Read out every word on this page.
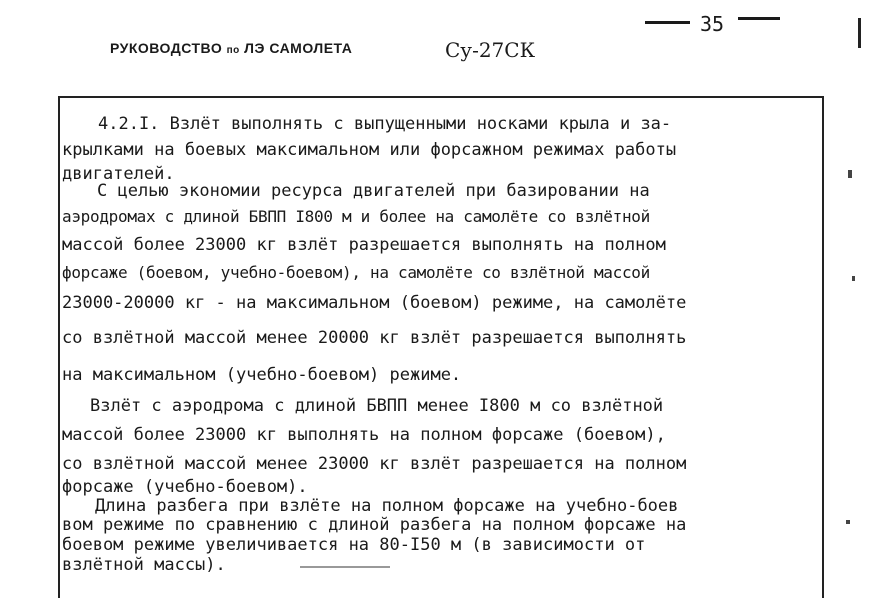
35
РУКОВОДСТВО по ЛЭ САМОЛЕТА	Су-27СК
4.2.I. Взлёт выполнять с выпущенными носками крыла и за-
крылками на боевых максимальном или форсажном режимах работы
двигателей.
С целью экономии ресурса двигателей при базировании на
аэродромах с длиной БВПП I800 м и более на самолёте со взлётной
массой более 23000 кг взлёт разрешается выполнять на полном
форсаже (боевом, учебно-боевом), на самолёте со взлётной массой
23000-20000 кг - на максимальном (боевом) режиме, на самолёте
со взлётной массой менее 20000 кг взлёт разрешается выполнять
на максимальном (учебно-боевом) режиме.
Взлёт с аэродрома с длиной БВПП менее I800 м со взлётной
массой более 23000 кг выполнять на полном форсаже (боевом),
со взлётной массой менее 23000 кг взлёт разрешается на полном
форсаже (учебно-боевом).
Длина разбега при взлёте на полном форсаже на учебно-боев
вом режиме по сравнению с длиной разбега на полном форсаже на
боевом режиме увеличивается на 80-I50 м (в зависимости от
взлётной массы).
